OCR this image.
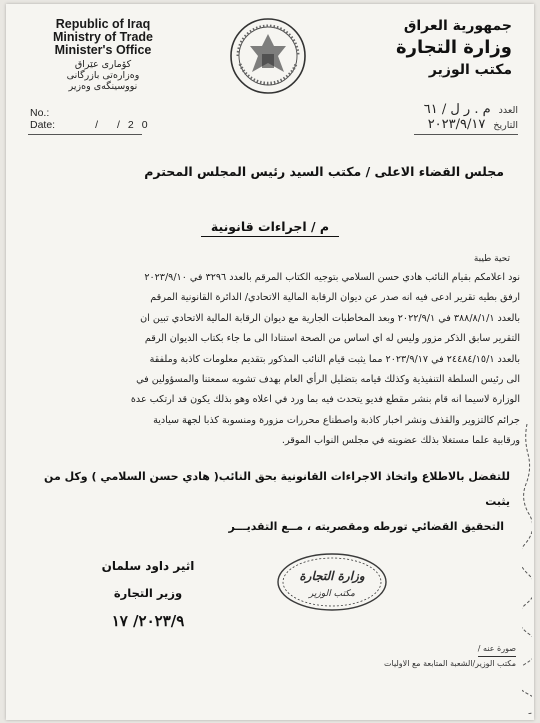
Republic of Iraq
Ministry of Trade
Minister's Office
کۆماری عێراق
وەزارەتی بازرگانی
نووسینگەی وەزیر
جمهورية العراق
وزارة التجارة
مكتب الوزير
No.:
Date:	/ /20
العدد
م . ر ل / ٦١
التاريخ
٢٠٢٣/٩/١٧
مجلس القضاء الاعلى / مكتب السيد رئيس المجلس المحترم
م / اجراءات قانونية
تحية طيبة

نود اعلامكم بقيام النائب هادي حسن السلامي بتوجيه الكتاب المرقم بالعدد ٣٢٩٦ في ٢٠٢٣/٩/١٠

ارفق بطيه تقرير ادعى فيه انه صدر عن ديوان الرقابة المالية الاتحادي/ الدائرة القانونية المرقم

بالعدد ٣٨٨/٨/١/١ في ٢٠٢٢/٩/١ وبعد المخاطبات الجارية مع ديوان الرقابة المالية الاتحادي تبين ان

التقرير سابق الذكر مزور وليس له اي اساس من الصحة استنادا الى ما جاء بكتاب الديوان الرقم

بالعدد ٢٤٤٨٤/١٥/١ في ٢٠٢٣/٩/١٧ مما يثبت قيام النائب المذكور بتقديم معلومات كاذبة وملفقة

الى رئيس السلطة التنفيذية وكذلك قيامه بتضليل الرأي العام بهدف تشويه سمعتنا والمسؤولين في

الوزارة لاسيما انه قام بنشر مقطع فديو يتحدث فيه بما ورد في اعلاه وهو بذلك يكون قد ارتكب عدة

جرائم كالتزوير والقذف ونشر اخبار كاذبة واصطناع محررات مزورة ومنسوبة كذبا لجهة سيادية

ورقابية علما مستغلا بذلك عضويته في مجلس النواب الموقر.

للتفضل بالاطلاع واتخاذ الاجراءات القانونية بحق النائب( هادي حسن السلامي ) وكل من يثبت

التحقيق القضائي تورطه ومقصريته ، مــع التقديـــر

اثير داود سلمان
وزير التجارة
٢٠٢٣/٩/ ١٧
وزارة التجارة
مكتب الوزير
صورة عنه /
مكتب الوزير/الشعبة المتابعة مع الاوليات
